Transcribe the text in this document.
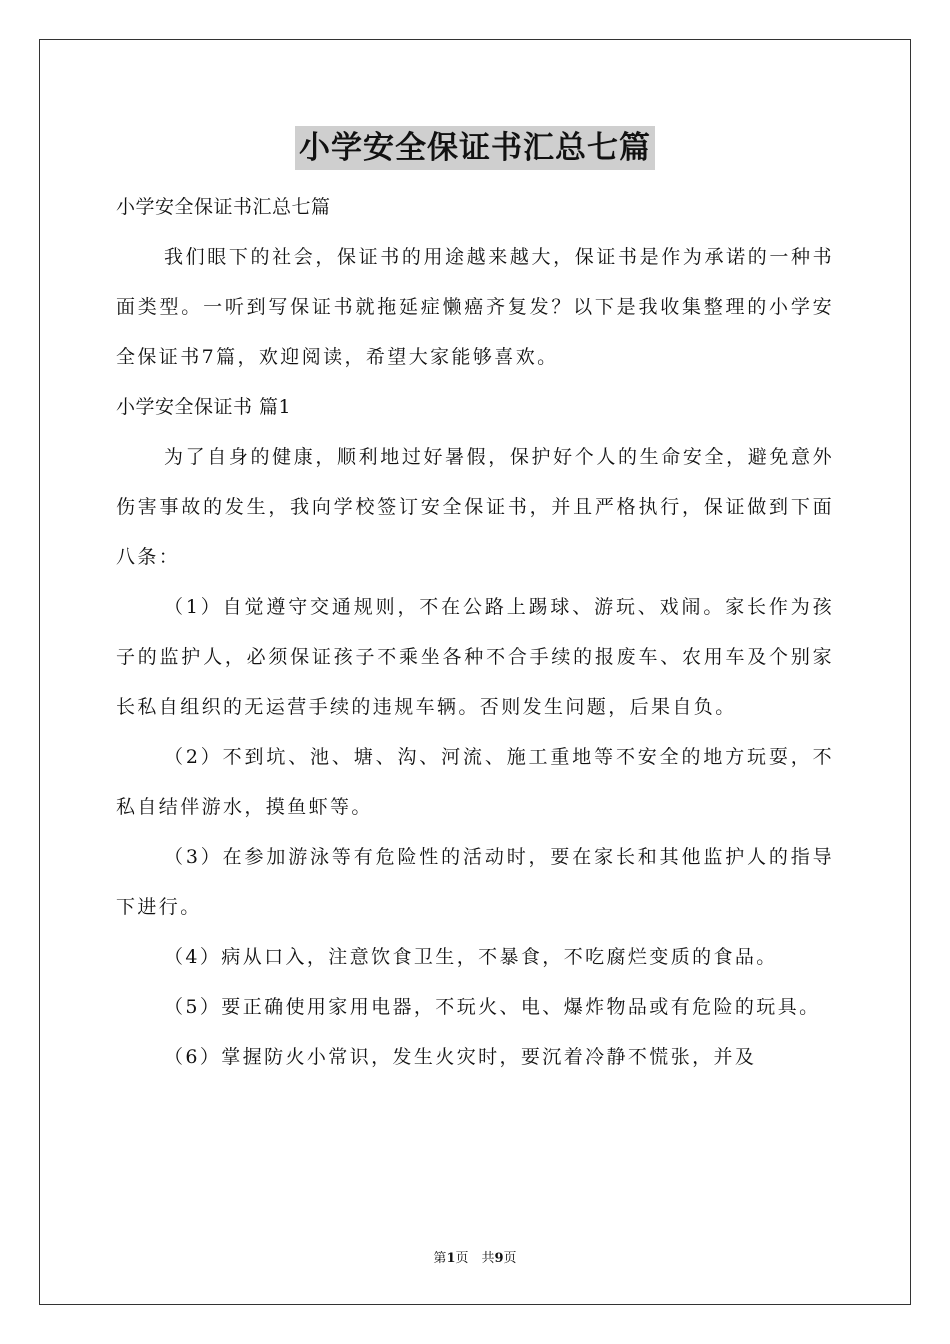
小学安全保证书汇总七篇

小学安全保证书汇总七篇

我们眼下的社会，保证书的用途越来越大，保证书是作为承诺的一种书面类型。一听到写保证书就拖延症懒癌齐复发？以下是我收集整理的小学安全保证书7篇，欢迎阅读，希望大家能够喜欢。

小学安全保证书 篇1

为了自身的健康，顺利地过好暑假，保护好个人的生命安全，避免意外伤害事故的发生，我向学校签订安全保证书，并且严格执行，保证做到下面八条：

（1）自觉遵守交通规则，不在公路上踢球、游玩、戏闹。家长作为孩子的监护人，必须保证孩子不乘坐各种不合手续的报废车、农用车及个别家长私自组织的无运营手续的违规车辆。否则发生问题，后果自负。

（2）不到坑、池、塘、沟、河流、施工重地等不安全的地方玩耍，不私自结伴游水，摸鱼虾等。

（3）在参加游泳等有危险性的活动时，要在家长和其他监护人的指导下进行。

（4）病从口入，注意饮食卫生，不暴食，不吃腐烂变质的食品。

（5）要正确使用家用电器，不玩火、电、爆炸物品或有危险的玩具。

（6）掌握防火小常识，发生火灾时，要沉着冷静不慌张，并及

第1页　共9页
